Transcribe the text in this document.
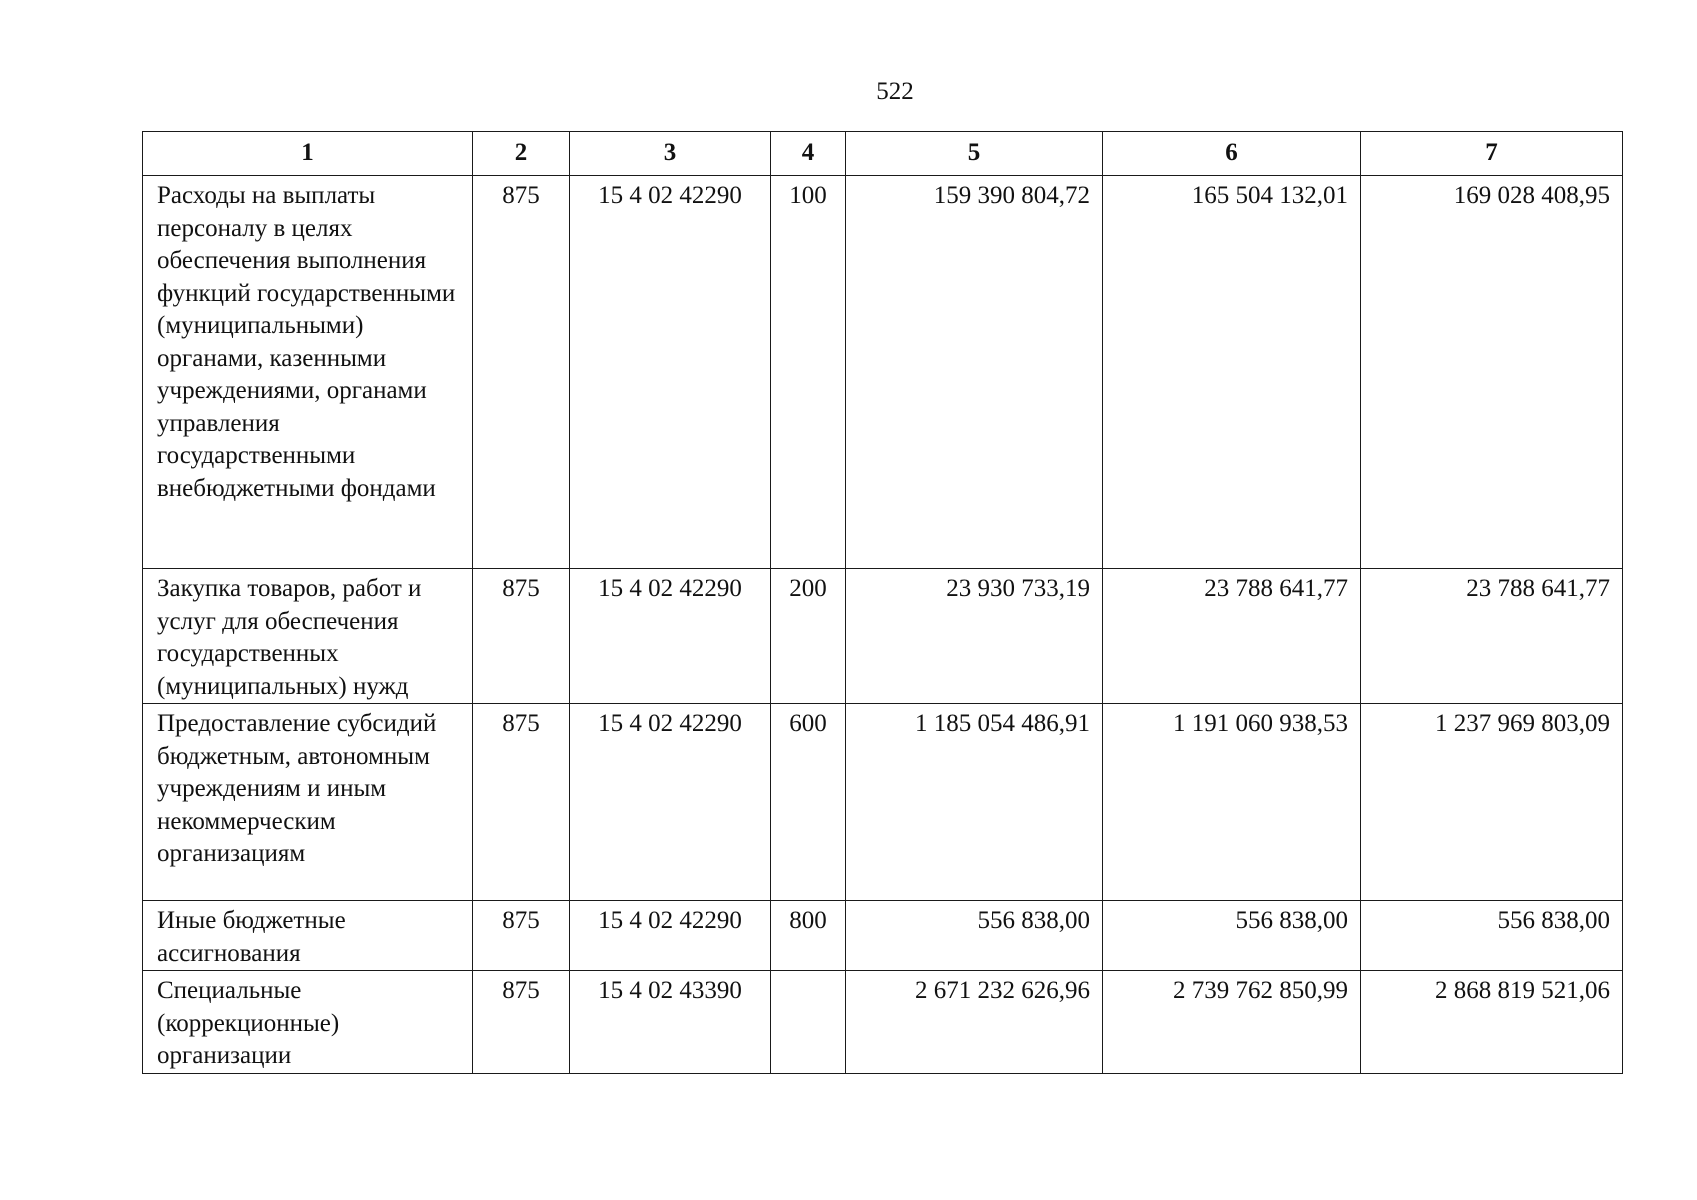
522
1	2	3	4	5	6	7
Расходы на выплаты персоналу в целях обеспечения выполнения функций государственными (муниципальными) органами, казенными учреждениями, органами управления государственными внебюджетными фондами	875	15 4 02 42290	100	159 390 804,72	165 504 132,01	169 028 408,95
Закупка товаров, работ и услуг для обеспечения государственных (муниципальных) нужд	875	15 4 02 42290	200	23 930 733,19	23 788 641,77	23 788 641,77
Предоставление субсидий бюджетным, автономным учреждениям и иным некоммерческим организациям	875	15 4 02 42290	600	1 185 054 486,91	1 191 060 938,53	1 237 969 803,09
Иные бюджетные ассигнования	875	15 4 02 42290	800	556 838,00	556 838,00	556 838,00
Специальные (коррекционные) организации	875	15 4 02 43390		2 671 232 626,96	2 739 762 850,99	2 868 819 521,06
